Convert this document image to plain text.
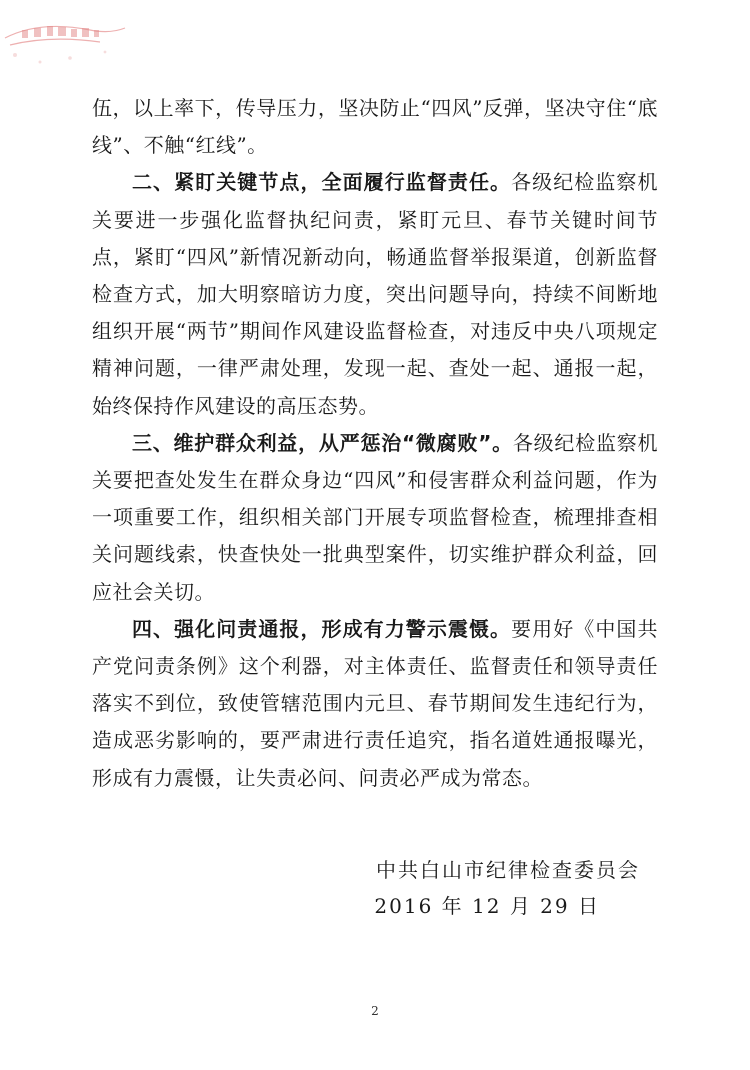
伍，以上率下，传导压力，坚决防止“四风”反弹，坚决守住“底线”、不触“红线”。

二、紧盯关键节点，全面履行监督责任。各级纪检监察机关要进一步强化监督执纪问责，紧盯元旦、春节关键时间节点，紧盯“四风”新情况新动向，畅通监督举报渠道，创新监督检查方式，加大明察暗访力度，突出问题导向，持续不间断地组织开展“两节”期间作风建设监督检查，对违反中央八项规定精神问题，一律严肃处理，发现一起、查处一起、通报一起，始终保持作风建设的高压态势。

三、维护群众利益，从严惩治“微腐败”。各级纪检监察机关要把查处发生在群众身边“四风”和侵害群众利益问题，作为一项重要工作，组织相关部门开展专项监督检查，梳理排查相关问题线索，快查快处一批典型案件，切实维护群众利益，回应社会关切。

四、强化问责通报，形成有力警示震慑。要用好《中国共产党问责条例》这个利器，对主体责任、监督责任和领导责任落实不到位，致使管辖范围内元旦、春节期间发生违纪行为，造成恶劣影响的，要严肃进行责任追究，指名道姓通报曝光，形成有力震慑，让失责必问、问责必严成为常态。

中共白山市纪律检查委员会
2016 年 12 月 29 日
2
